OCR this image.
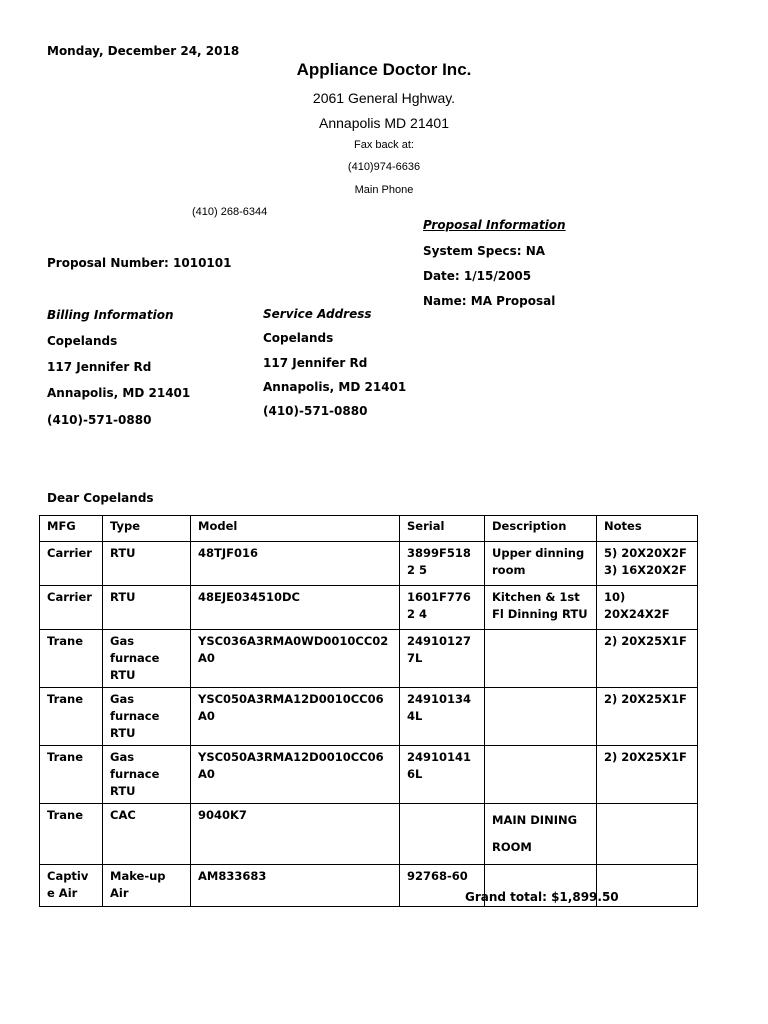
Monday, December 24, 2018
Appliance Doctor Inc.
2061 General Hghway.
Annapolis MD 21401
Fax back at:
(410)974-6636
Main Phone
(410) 268-6344
Proposal Information
System Specs: NA
Date: 1/15/2005
Name: MA Proposal
Proposal Number: 1010101
Billing Information
Copelands
117 Jennifer Rd
Annapolis, MD 21401
(410)-571-0880
Service Address
Copelands
117 Jennifer Rd
Annapolis, MD 21401
(410)-571-0880
Dear Copelands
MFG	Type	Model	Serial	Description	Notes
Carrier	RTU	48TJF016	3899F5182 5	Upper dinning room	5) 20X20X2F 3) 16X20X2F
Carrier	RTU	48EJE034510DC	1601F7762 4	Kitchen & 1st Fl Dinning RTU	10) 20X24X2F
Trane	Gas furnace RTU	YSC036A3RMA0WD0010CC02A0	249101277L		2) 20X25X1F
Trane	Gas furnace RTU	YSC050A3RMA12D0010CC06A0	249101344L		2) 20X25X1F
Trane	Gas furnace RTU	YSC050A3RMA12D0010CC06A0	249101416L		2) 20X25X1F
Trane	CAC	9040K7		MAIN DINING ROOM	
Captive Air	Make-up Air	AM833683	92768-60		
Grand total: $1,899.50
